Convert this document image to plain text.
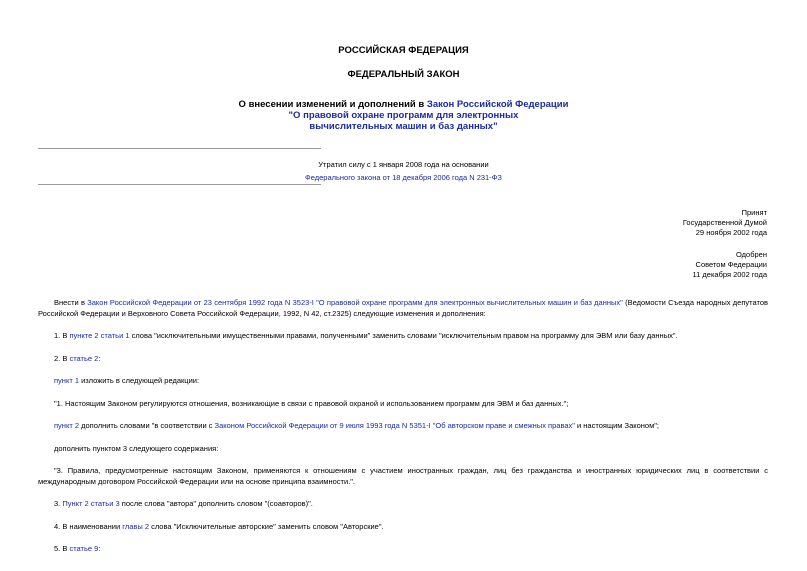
РОССИЙСКАЯ ФЕДЕРАЦИЯ
ФЕДЕРАЛЬНЫЙ ЗАКОН
О внесении изменений и дополнений в Закон Российской Федерации
"О правовой охране программ для электронных
вычислительных машин и баз данных"
Утратил силу с 1 января 2008 года на основании
Федерального закона от 18 декабря 2006 года N 231-ФЗ
Принят
Государственной Думой
29 ноября 2002 года
Одобрен
Советом Федерации
11 декабря 2002 года

Внести в Закон Российской Федерации от 23 сентября 1992 года N 3523-I "О правовой охране программ для электронных вычислительных машин и баз данных" (Ведомости Съезда народных депутатов Российской Федерации и Верховного Совета Российской Федерации, 1992, N 42, ст.2325) следующие изменения и дополнения:

1. В пункте 2 статьи 1 слова "исключительными имущественными правами, полученными" заменить словами "исключительным правом на программу для ЭВМ или базу данных".

2. В статье 2:

пункт 1 изложить в следующей редакции:

"1. Настоящим Законом регулируются отношения, возникающие в связи с правовой охраной и использованием программ для ЭВМ и баз данных.";

пункт 2 дополнить словами "в соответствии с Законом Российской Федерации от 9 июля 1993 года N 5351-I "Об авторском праве и смежных правах" и настоящим Законом";

дополнить пунктом 3 следующего содержания:

"3. Правила, предусмотренные настоящим Законом, применяются к отношениям с участием иностранных граждан, лиц без гражданства и иностранных юридических лиц в соответствии с международным договором Российской Федерации или на основе принципа взаимности.".

3. Пункт 2 статьи 3 после слова "автора" дополнить словом "(соавторов)".

4. В наименовании главы 2 слова "Исключительные авторские" заменить словом "Авторские".

5. В статье 9:
